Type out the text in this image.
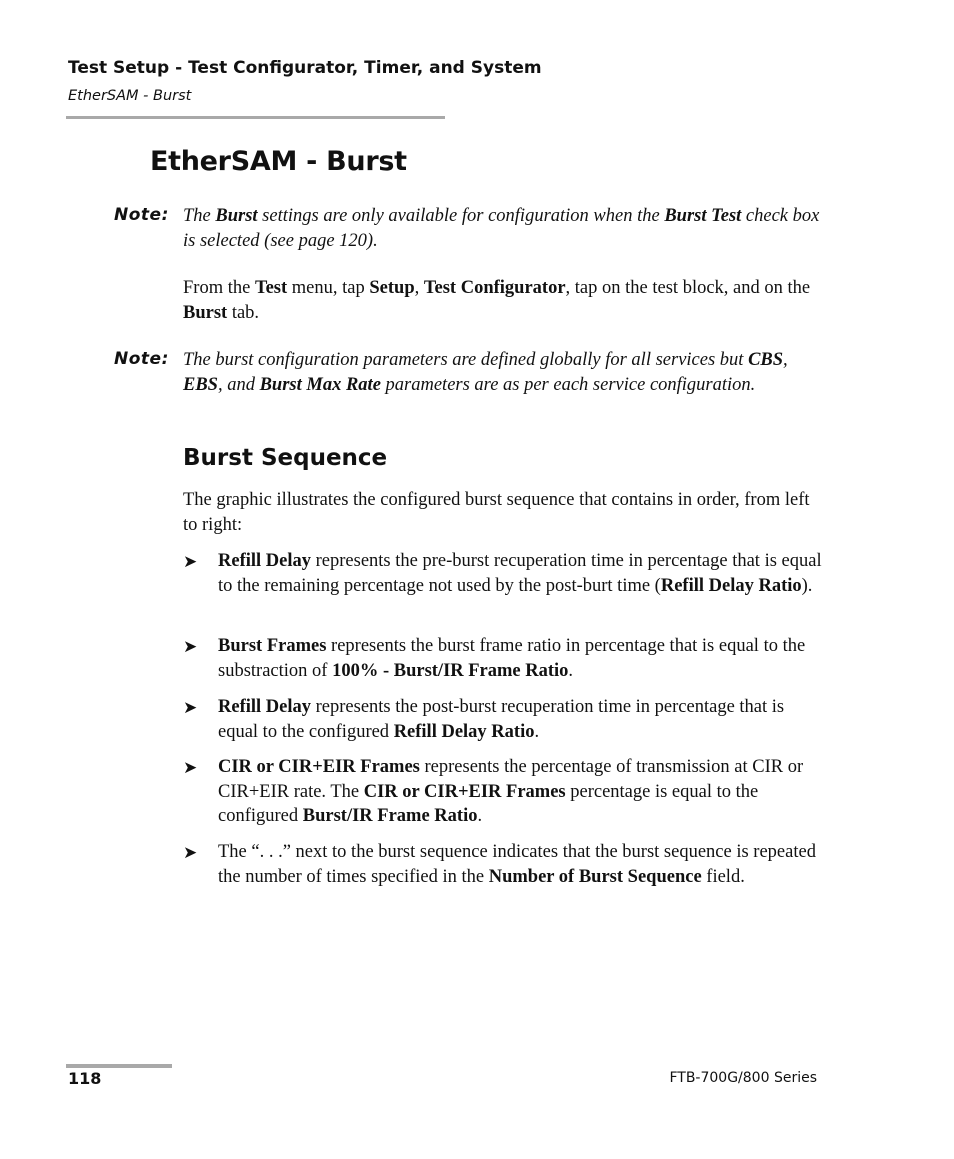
Test Setup - Test Configurator, Timer, and System
EtherSAM - Burst
EtherSAM - Burst
Note: The Burst settings are only available for configuration when the Burst Test check box is selected (see page 120).
From the Test menu, tap Setup, Test Configurator, tap on the test block, and on the Burst tab.
Note: The burst configuration parameters are defined globally for all services but CBS, EBS, and Burst Max Rate parameters are as per each service configuration.
Burst Sequence
The graphic illustrates the configured burst sequence that contains in order, from left to right:
➤ Refill Delay represents the pre-burst recuperation time in percentage that is equal to the remaining percentage not used by the post-burt time (Refill Delay Ratio).
➤ Burst Frames represents the burst frame ratio in percentage that is equal to the substraction of 100% - Burst/IR Frame Ratio.
➤ Refill Delay represents the post-burst recuperation time in percentage that is equal to the configured Refill Delay Ratio.
➤ CIR or CIR+EIR Frames represents the percentage of transmission at CIR or CIR+EIR rate. The CIR or CIR+EIR Frames percentage is equal to the configured Burst/IR Frame Ratio.
➤ The “. . .” next to the burst sequence indicates that the burst sequence is repeated the number of times specified in the Number of Burst Sequence field.
118	FTB-700G/800 Series
